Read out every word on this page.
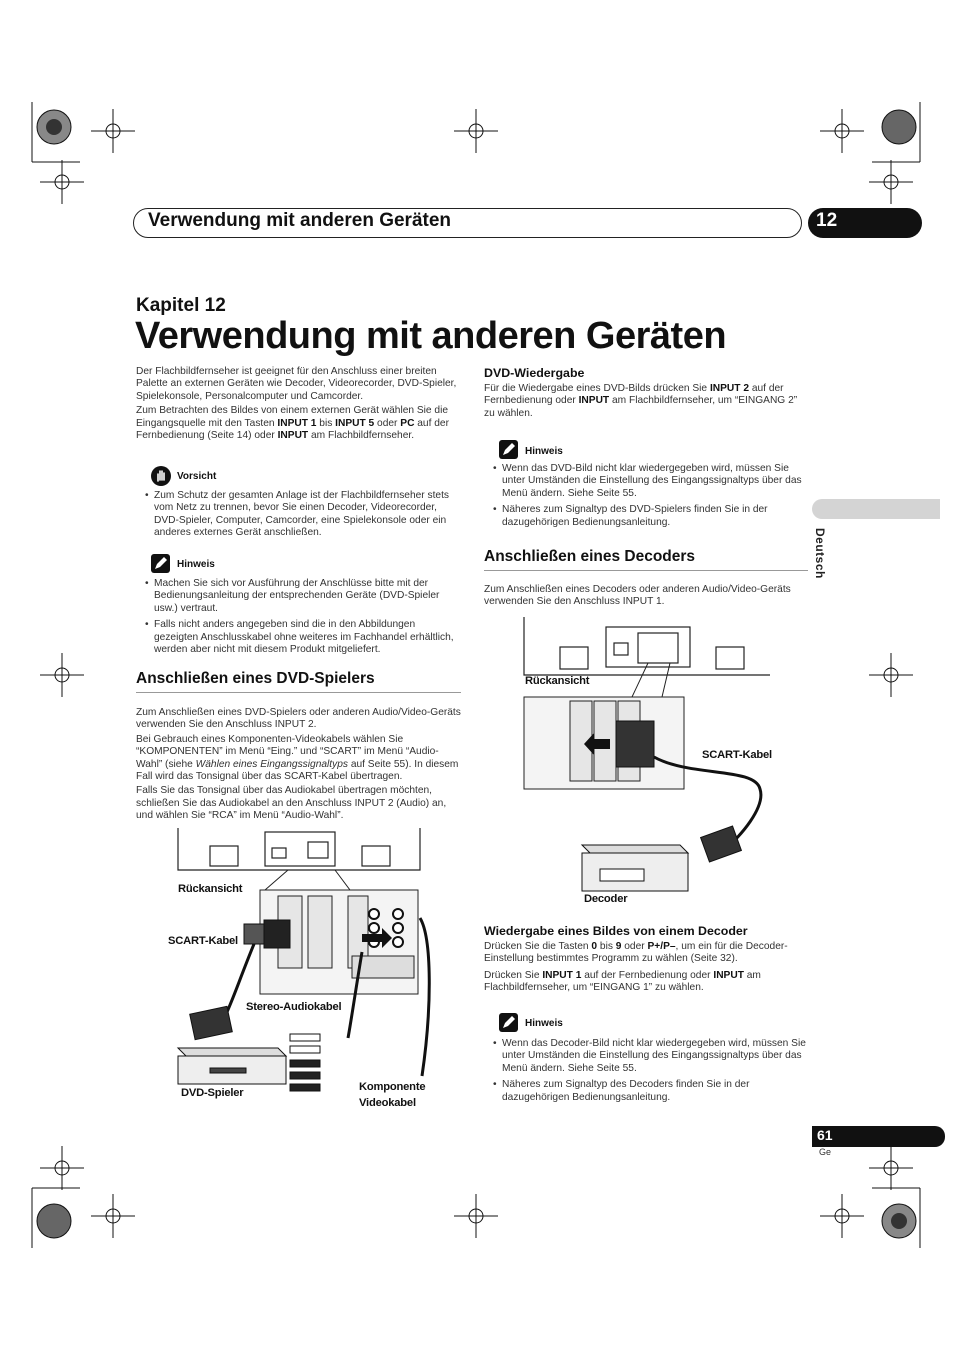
Verwendung mit anderen Geräten	12
Kapitel 12
Verwendung mit anderen Geräten
Deutsch
Der Flachbildfernseher ist geeignet für den Anschluss einer breiten Palette an externen Geräten wie Decoder, Videorecorder, DVD-Spieler, Spielekonsole, Personalcomputer und Camcorder.
Zum Betrachten des Bildes von einem externen Gerät wählen Sie die Eingangsquelle mit den Tasten INPUT 1 bis INPUT 5 oder PC auf der Fernbedienung (Seite 14) oder INPUT am Flachbildfernseher.
Vorsicht
• Zum Schutz der gesamten Anlage ist der Flachbildfernseher stets vom Netz zu trennen, bevor Sie einen Decoder, Videorecorder, DVD-Spieler, Computer, Camcorder, eine Spielekonsole oder ein anderes externes Gerät anschließen.
Hinweis
• Machen Sie sich vor Ausführung der Anschlüsse bitte mit der Bedienungsanleitung der entsprechenden Geräte (DVD-Spieler usw.) vertraut.
• Falls nicht anders angegeben sind die in den Abbildungen gezeigten Anschlusskabel ohne weiteres im Fachhandel erhältlich, werden aber nicht mit diesem Produkt mitgeliefert.
Anschließen eines DVD-Spielers
Zum Anschließen eines DVD-Spielers oder anderen Audio/Video-Geräts verwenden Sie den Anschluss INPUT 2.
Bei Gebrauch eines Komponenten-Videokabels wählen Sie “KOMPONENTEN” im Menü “Eing.” und “SCART” im Menü “Audio-Wahl” (siehe Wählen eines Eingangssignaltyps auf Seite 55). In diesem Fall wird das Tonsignal über das SCART-Kabel übertragen.
Falls Sie das Tonsignal über das Audiokabel übertragen möchten, schließen Sie das Audiokabel an den Anschluss INPUT 2 (Audio) an, und wählen Sie “RCA” im Menü “Audio-Wahl”.
Rückansicht
SCART-Kabel
Stereo-Audiokabel
DVD-Spieler	Komponente
Videokabel
DVD-Wiedergabe
Für die Wiedergabe eines DVD-Bilds drücken Sie INPUT 2 auf der Fernbedienung oder INPUT am Flachbildfernseher, um “EINGANG 2” zu wählen.
Hinweis
• Wenn das DVD-Bild nicht klar wiedergegeben wird, müssen Sie unter Umständen die Einstellung des Eingangssignaltyps über das Menü ändern. Siehe Seite 55.
• Näheres zum Signaltyp des DVD-Spielers finden Sie in der dazugehörigen Bedienungsanleitung.
Anschließen eines Decoders
Zum Anschließen eines Decoders oder anderen Audio/Video-Geräts verwenden Sie den Anschluss INPUT 1.
Rückansicht
SCART-Kabel
Decoder
Wiedergabe eines Bildes von einem Decoder
Drücken Sie die Tasten 0 bis 9 oder P+/P–, um ein für die Decoder-Einstellung bestimmtes Programm zu wählen (Seite 32).
Drücken Sie INPUT 1 auf der Fernbedienung oder INPUT am Flachbildfernseher, um “EINGANG 1” zu wählen.
Hinweis
• Wenn das Decoder-Bild nicht klar wiedergegeben wird, müssen Sie unter Umständen die Einstellung des Eingangssignaltyps über das Menü ändern. Siehe Seite 55.
• Näheres zum Signaltyp des Decoders finden Sie in der dazugehörigen Bedienungsanleitung.
61
Ge
